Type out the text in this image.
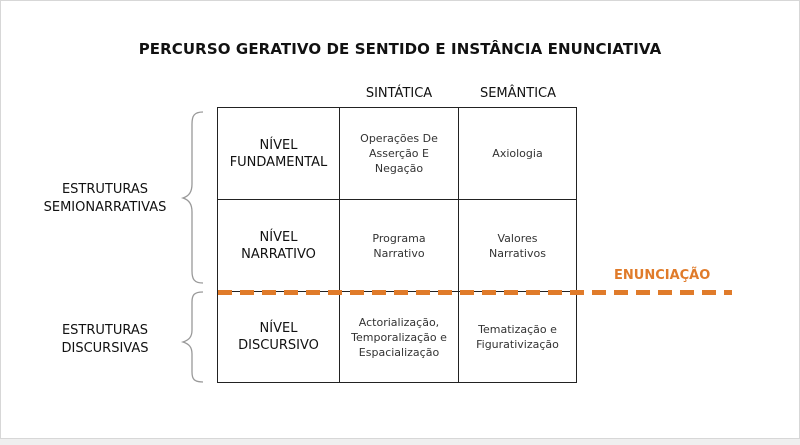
PERCURSO GERATIVO DE SENTIDO E INSTÂNCIA ENUNCIATIVA
SINTÁTICA	SEMÂNTICA
ESTRUTURAS
SEMIONARRATIVAS
ESTRUTURAS
DISCURSIVAS
NÍVEL
FUNDAMENTAL
Operações De
Asserção E Negação
Axiologia
NÍVEL
NARRATIVO
Programa
Narrativo
Valores
Narrativos
NÍVEL
DISCURSIVO
Actorialização,
Temporalização e
Espacialização
Tematização e
Figurativização
ENUNCIAÇÃO
